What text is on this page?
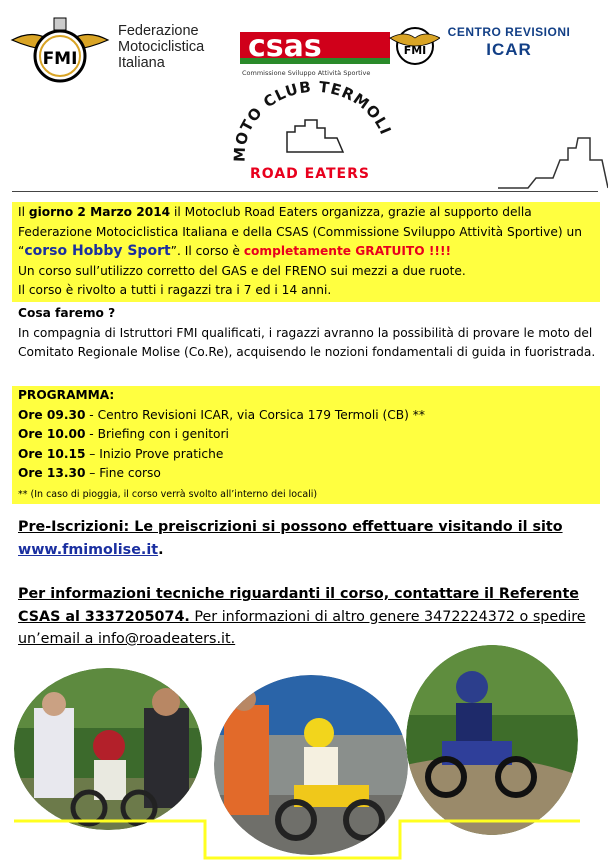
FMI
Federazione
Motociclistica
Italiana	csas	FMI
Commissione Sviluppo Attività Sportive
CENTRO REVISIONI
ICAR
MOTO CLUB TERMOLI
ROAD EATERS
Il giorno 2 Marzo 2014 il Motoclub Road Eaters organizza, grazie al supporto della Federazione Motociclistica Italiana e della CSAS (Commissione Sviluppo Attività Sportive) un “corso Hobby Sport”. Il corso è completamente GRATUITO !!!!
Un corso sull’utilizzo corretto del GAS e del FRENO sui mezzi a due ruote.
Il corso è rivolto a tutti i ragazzi tra i 7 ed i 14 anni.
Cosa faremo ?
In compagnia di Istruttori FMI qualificati, i ragazzi avranno la possibilità di provare le moto del Comitato Regionale Molise (Co.Re), acquisendo le nozioni fondamentali di guida in fuoristrada.
PROGRAMMA:
Ore 09.30 - Centro Revisioni ICAR, via Corsica 179 Termoli (CB) **
Ore 10.00 - Briefing con i genitori
Ore 10.15 – Inizio Prove pratiche
Ore 13.30 – Fine corso
** (In caso di pioggia, il corso verrà svolto all’interno dei locali)
Pre-Iscrizioni: Le preiscrizioni si possono effettuare visitando il sito
www.fmimolise.it.
Per informazioni tecniche riguardanti il corso, contattare il Referente CSAS al 3337205074. Per informazioni di altro genere 3472224372 o spedire un’email a info@roadeaters.it.
